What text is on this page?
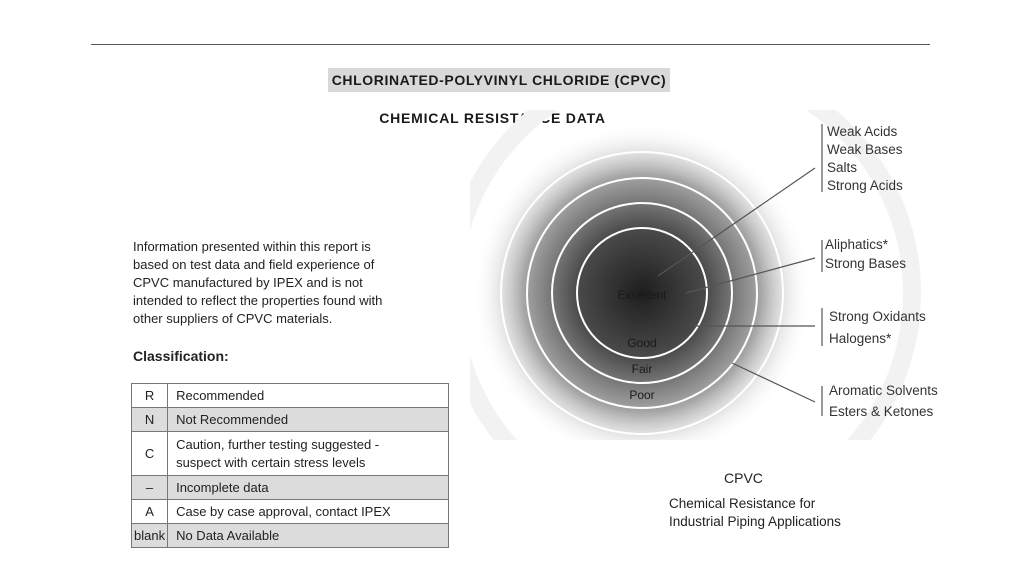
CHLORINATED-POLYVINYL CHLORIDE (CPVC)
CHEMICAL RESISTANCE DATA
Information presented within this report is
based on test data and field experience of
CPVC manufactured by IPEX and is not
intended to reflect the properties found with
other suppliers of CPVC materials.
Classification:
R	Recommended
N	Not Recommended
C	Caution, further testing suggested -
suspect with certain stress levels
–	Incomplete data
A	Case by case approval, contact IPEX
blank	No Data Available
Excellent
Good
Fair
Poor
Weak Acids
Weak Bases
Salts
Strong Acids
Aliphatics*
Strong Bases
Strong Oxidants
Halogens*
Aromatic Solvents
Esters & Ketones
CPVC
Chemical Resistance for
Industrial Piping Applications
